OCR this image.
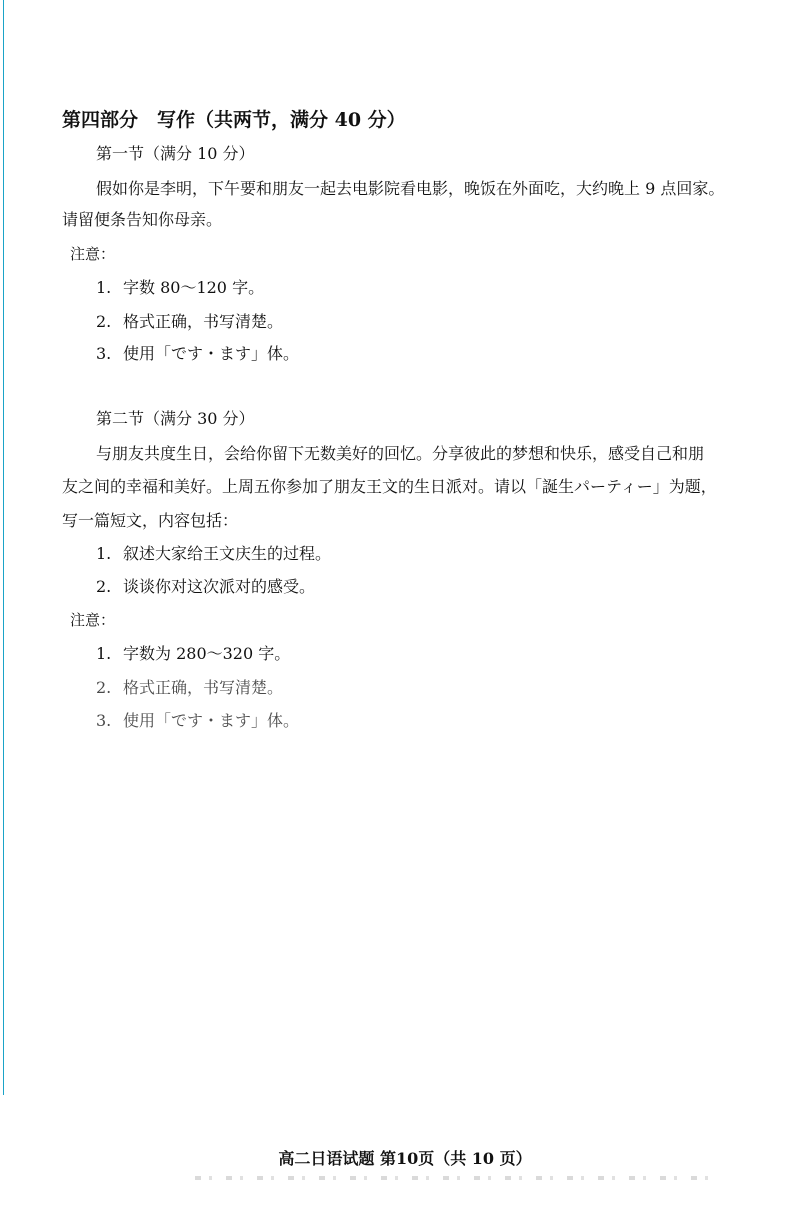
第四部分　写作（共两节，满分 40 分）
第一节（满分 10 分）
假如你是李明，下午要和朋友一起去电影院看电影，晚饭在外面吃，大约晚上 9 点回家。
请留便条告知你母亲。
注意：
1. 字数 80～120 字。
2. 格式正确，书写清楚。
3. 使用「です・ます」体。
第二节（满分 30 分）
与朋友共度生日，会给你留下无数美好的回忆。分享彼此的梦想和快乐，感受自己和朋
友之间的幸福和美好。上周五你参加了朋友王文的生日派对。请以「誕生パーティー」为题，
写一篇短文，内容包括：
1. 叙述大家给王文庆生的过程。
2. 谈谈你对这次派对的感受。
注意：
1. 字数为 280～320 字。
2. 格式正确，书写清楚。
3. 使用「です・ます」体。
高二日语试题 第10页（共 10 页）
